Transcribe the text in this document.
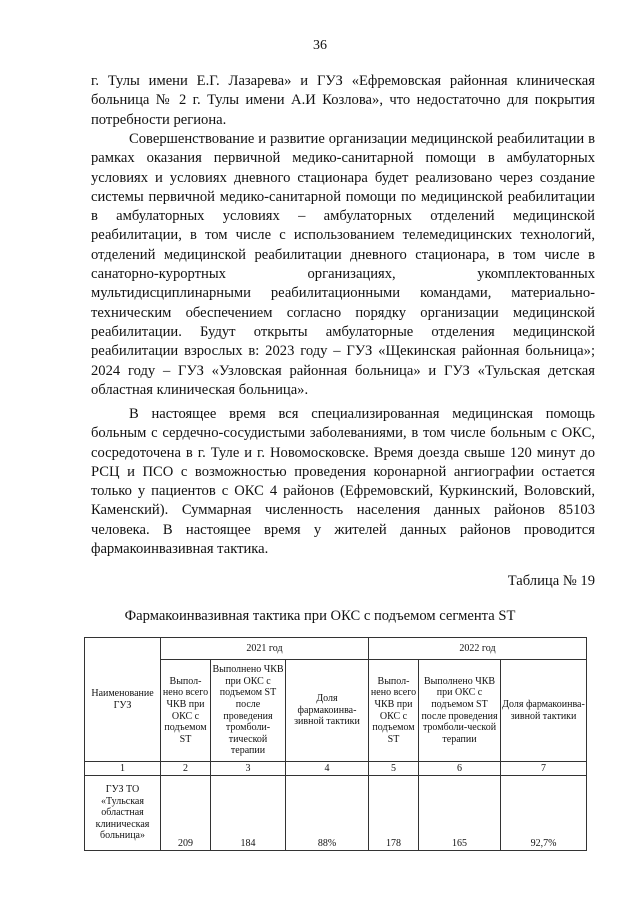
36

г. Тулы имени Е.Г. Лазарева» и ГУЗ «Ефремовская районная клиническая больница № 2 г. Тулы имени А.И Козлова», что недостаточно для покрытия потребности региона.

Совершенствование и развитие организации медицинской реабилитации в рамках оказания первичной медико-санитарной помощи в амбулаторных условиях и условиях дневного стационара будет реализовано через создание системы первичной медико-санитарной помощи по медицинской реабилитации в амбулаторных условиях – амбулаторных отделений медицинской реабилитации, в том числе с использованием телемедицинских технологий, отделений медицинской реабилитации дневного стационара, в том числе в санаторно-курортных организациях, укомплектованных мультидисциплинарными реабилитационными командами, материально-техническим обеспечением согласно порядку организации медицинской реабилитации. Будут открыты амбулаторные отделения медицинской реабилитации взрослых в: 2023 году – ГУЗ «Щекинская районная больница»; 2024 году – ГУЗ «Узловская районная больница» и ГУЗ «Тульская детская областная клиническая больница».

В настоящее время вся специализированная медицинская помощь больным с сердечно-сосудистыми заболеваниями, в том числе больным с ОКС, сосредоточена в г. Туле и г. Новомосковске. Время доезда свыше 120 минут до РСЦ и ПСО с возможностью проведения коронарной ангиографии остается только у пациентов с ОКС 4 районов (Ефремовский, Куркинский, Воловский, Каменский). Суммарная численность населения данных районов 85103 человека. В настоящее время у жителей данных районов проводится фармакоинвазивная тактика.

Таблица № 19
Фармакоинвазивная тактика при ОКС с подъемом сегмента ST
Наименование ГУЗ	2021 год			2022 год		
	Выпол-нено всего ЧКВ при ОКС с подъемом ST	Выполнено ЧКВ при ОКС с подъемом ST после проведения тромболи-тической терапии	Доля фармакоинва-зивной тактики	Выпол-нено всего ЧКВ при ОКС с подъемом ST	Выполнено ЧКВ при ОКС с подъемом ST после проведения тромболи-ческой терапии	Доля фармакоинва-зивной тактики
1	2	3	4	5	6	7
ГУЗ ТО «Тульская областная клиническая больница»	209	184	88%	178	165	92,7%
